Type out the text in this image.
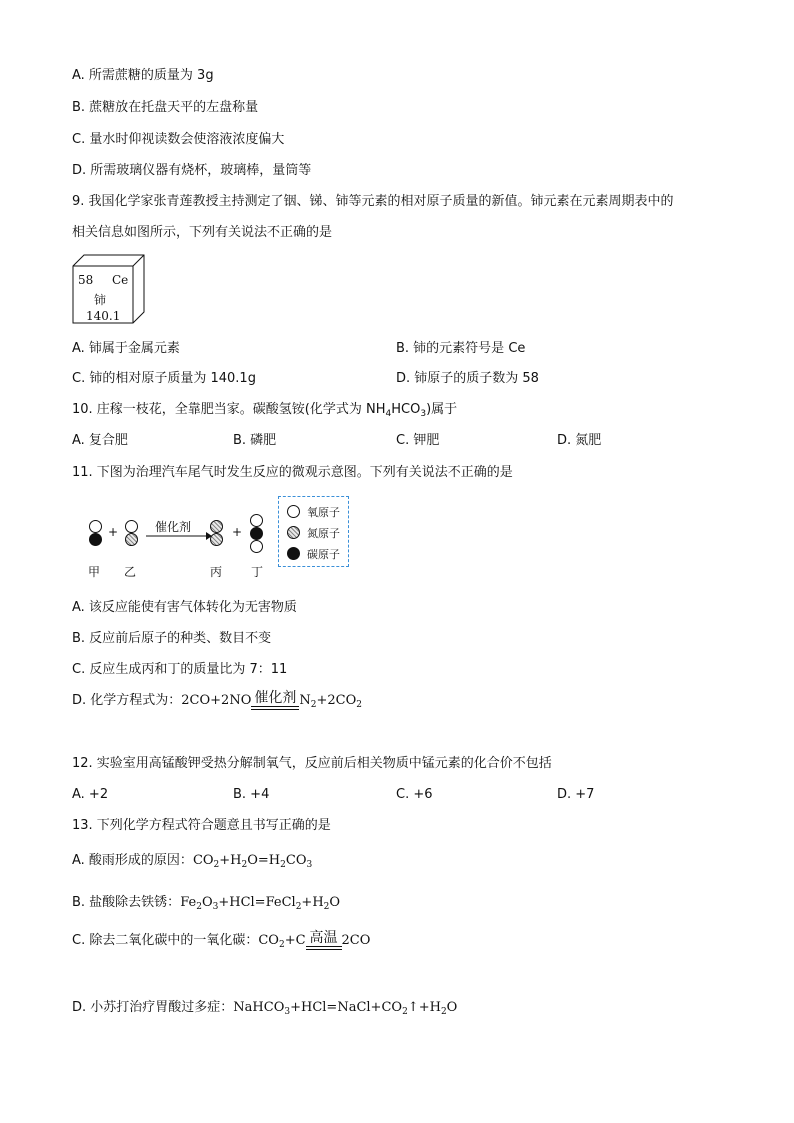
A. 所需蔗糖的质量为 3g
B. 蔗糖放在托盘天平的左盘称量
C. 量水时仰视读数会使溶液浓度偏大
D. 所需玻璃仪器有烧杯，玻璃棒，量筒等
9. 我国化学家张青莲教授主持测定了铟、锑、铈等元素的相对原子质量的新值。铈元素在元素周期表中的
相关信息如图所示，下列有关说法不正确的是
58 Ce
铈
140.1
A. 铈属于金属元素	B. 铈的元素符号是 Ce
C. 铈的相对原子质量为 140.1g	D. 铈原子的质子数为 58
10. 庄稼一枝花，全靠肥当家。碳酸氢铵(化学式为 $NH_4HCO_3$)属于
A. 复合肥	B. 磷肥	C. 钾肥	D. 氮肥
11. 下图为治理汽车尾气时发生反应的微观示意图。下列有关说法不正确的是
+	催化剂	+
甲 乙	丙 丁
氧原子
氮原子
碳原子
A. 该反应能使有害气体转化为无害物质
B. 反应前后原子的种类、数目不变
C. 反应生成丙和丁的质量比为 7：11
D. 化学方程式为：2CO+2NO 催化剂 $N_2+2CO_2$
12. 实验室用高锰酸钾受热分解制氧气，反应前后相关物质中锰元素的化合价不包括
A. +2	B. +4	C. +6	D. +7
13. 下列化学方程式符合题意且书写正确的是
A. 酸雨形成的原因：$CO_2+H_2O=H_2CO_3$
B. 盐酸除去铁锈：$Fe_2O_3+HCl=FeCl_2+H_2O$
C. 除去二氧化碳中的一氧化碳：$CO_2+C$ 高温 2CO
D. 小苏打治疗胃酸过多症：$NaHCO_3+HCl=NaCl+CO_2↑+H_2O$
